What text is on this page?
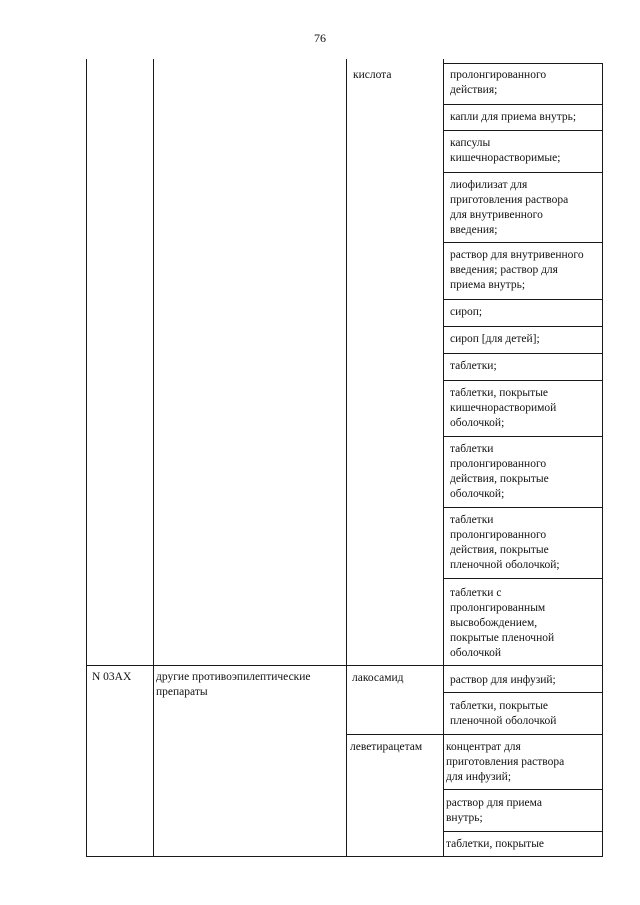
76
кислота	пролонгированного
действия;
капли для приема внутрь;
капсулы
кишечнорастворимые;
лиофилизат для
приготовления раствора
для внутривенного
введения;
раствор для внутривенного
введения; раствор для
приема внутрь;
сироп;
сироп [для детей];
таблетки;
таблетки, покрытые
кишечнорастворимой
оболочкой;
таблетки
пролонгированного
действия, покрытые
оболочкой;
таблетки
пролонгированного
действия, покрытые
пленочной оболочкой;
таблетки с
пролонгированным
высвобождением,
покрытые пленочной
оболочкой
N 03AX другие противоэпилептические
препараты
лакосамид	раствор для инфузий;
таблетки, покрытые
пленочной оболочкой
леветирацетам концентрат для
приготовления раствора
для инфузий;
раствор для приема
внутрь;
таблетки, покрытые
